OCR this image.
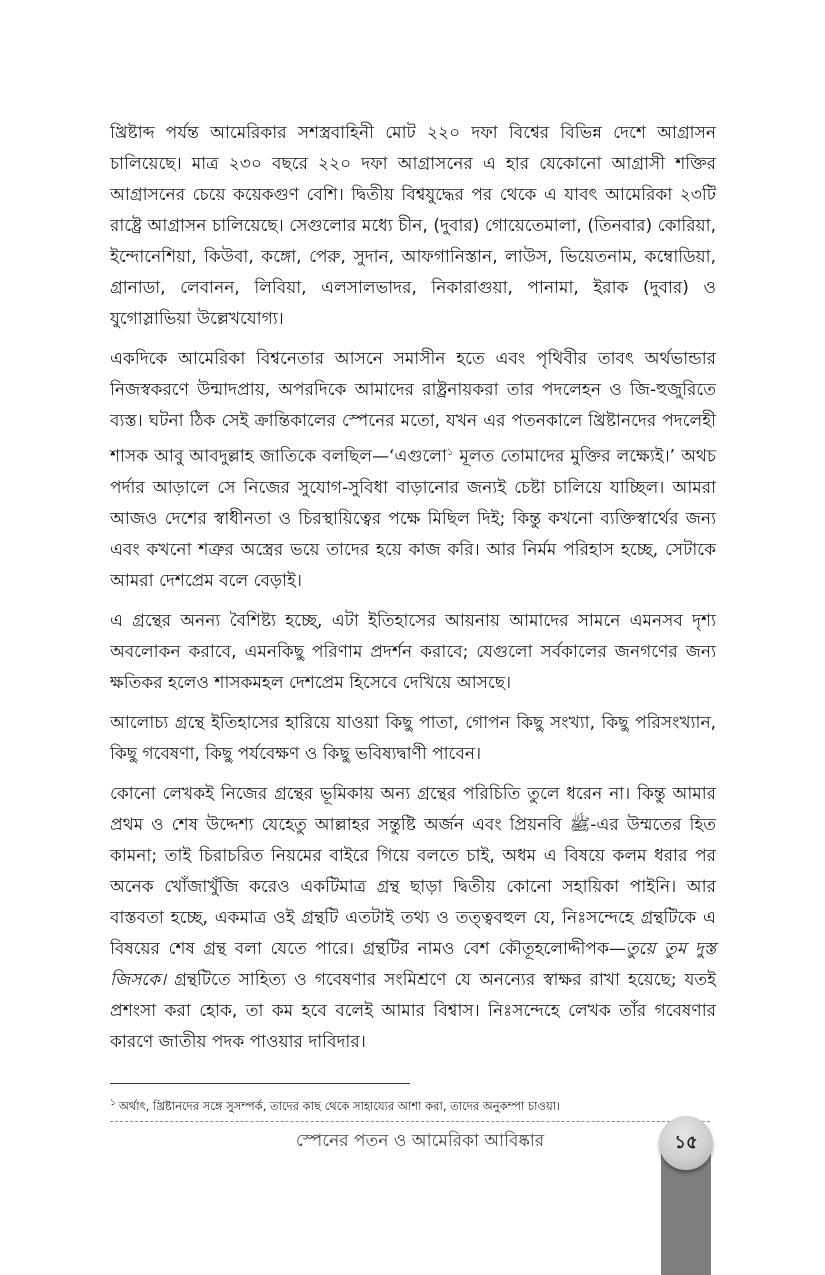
খ্রিষ্টাব্দ পর্যন্ত আমেরিকার সশস্ত্রবাহিনী মোট ২২০ দফা বিশ্বের বিভিন্ন দেশে আগ্রাসন চালিয়েছে। মাত্র ২৩০ বছরে ২২০ দফা আগ্রাসনের এ হার যেকোনো আগ্রাসী শক্তির আগ্রাসনের চেয়ে কয়েকগুণ বেশি। দ্বিতীয় বিশ্বযুদ্ধের পর থেকে এ যাবৎ আমেরিকা ২৩টি রাষ্ট্রে আগ্রাসন চালিয়েছে। সেগুলোর মধ্যে চীন, (দুবার) গোয়েতেমালা, (তিনবার) কোরিয়া, ইন্দোনেশিয়া, কিউবা, কঙ্গো, পেরু, সুদান, আফগানিস্তান, লাউস, ভিয়েতনাম, কম্বোডিয়া, গ্রানাডা, লেবানন, লিবিয়া, এলসালভাদর, নিকারাগুয়া, পানামা, ইরাক (দুবার) ও যুগোস্লাভিয়া উল্লেখযোগ্য।

একদিকে আমেরিকা বিশ্বনেতার আসনে সমাসীন হতে এবং পৃথিবীর তাবৎ অর্থভান্ডার নিজস্বকরণে উন্মাদপ্রায়, অপরদিকে আমাদের রাষ্ট্রনায়করা তার পদলেহন ও জি-হুজুরিতে ব্যস্ত। ঘটনা ঠিক সেই ক্রান্তিকালের স্পেনের মতো, যখন এর পতনকালে খ্রিষ্টানদের পদলেহী শাসক আবু আবদুল্লাহ জাতিকে বলছিল—‘এগুলো$^১$ মূলত তোমাদের মুক্তির লক্ষ্যেই।’ অথচ পর্দার আড়ালে সে নিজের সুযোগ-সুবিধা বাড়ানোর জন্যই চেষ্টা চালিয়ে যাচ্ছিল। আমরা আজও দেশের স্বাধীনতা ও চিরস্থায়িত্বের পক্ষে মিছিল দিই; কিন্তু কখনো ব্যক্তিস্বার্থের জন্য এবং কখনো শত্রুর অস্ত্রের ভয়ে তাদের হয়ে কাজ করি। আর নির্মম পরিহাস হচ্ছে, সেটাকে আমরা দেশপ্রেম বলে বেড়াই।

এ গ্রন্থের অনন্য বৈশিষ্ট্য হচ্ছে, এটা ইতিহাসের আয়নায় আমাদের সামনে এমনসব দৃশ্য অবলোকন করাবে, এমনকিছু পরিণাম প্রদর্শন করাবে; যেগুলো সর্বকালের জনগণের জন্য ক্ষতিকর হলেও শাসকমহল দেশপ্রেম হিসেবে দেখিয়ে আসছে।

আলোচ্য গ্রন্থে ইতিহাসের হারিয়ে যাওয়া কিছু পাতা, গোপন কিছু সংখ্যা, কিছু পরিসংখ্যান, কিছু গবেষণা, কিছু পর্যবেক্ষণ ও কিছু ভবিষ্যদ্বাণী পাবেন।

কোনো লেখকই নিজের গ্রন্থের ভূমিকায় অন্য গ্রন্থের পরিচিতি তুলে ধরেন না। কিন্তু আমার প্রথম ও শেষ উদ্দেশ্য যেহেতু আল্লাহর সন্তুষ্টি অর্জন এবং প্রিয়নবি ﷺ-এর উম্মতের হিত কামনা; তাই চিরাচরিত নিয়মের বাইরে গিয়ে বলতে চাই, অধম এ বিষয়ে কলম ধরার পর অনেক খোঁজাখুঁজি করেও একটিমাত্র গ্রন্থ ছাড়া দ্বিতীয় কোনো সহায়িকা পাইনি। আর বাস্তবতা হচ্ছে, একমাত্র ওই গ্রন্থটি এতটাই তথ্য ও তত্ত্ববহুল যে, নিঃসন্দেহে গ্রন্থটিকে এ বিষয়ের শেষ গ্রন্থ বলা যেতে পারে। গ্রন্থটির নামও বেশ কৌতূহলোদ্দীপক—তুয়ে তুম দুস্ত জিসকে। গ্রন্থটিতে সাহিত্য ও গবেষণার সংমিশ্রণে যে অনন্যের স্বাক্ষর রাখা হয়েছে; যতই প্রশংসা করা হোক, তা কম হবে বলেই আমার বিশ্বাস। নিঃসন্দেহে লেখক তাঁর গবেষণার কারণে জাতীয় পদক পাওয়ার দাবিদার।

$^১$ অর্থাৎ, খ্রিষ্টানদের সঙ্গে সুসম্পর্ক, তাদের কাছ থেকে সাহায্যের আশা করা, তাদের অনুকম্পা চাওয়া।
স্পেনের পতন ও আমেরিকা আবিষ্কার	১৫
